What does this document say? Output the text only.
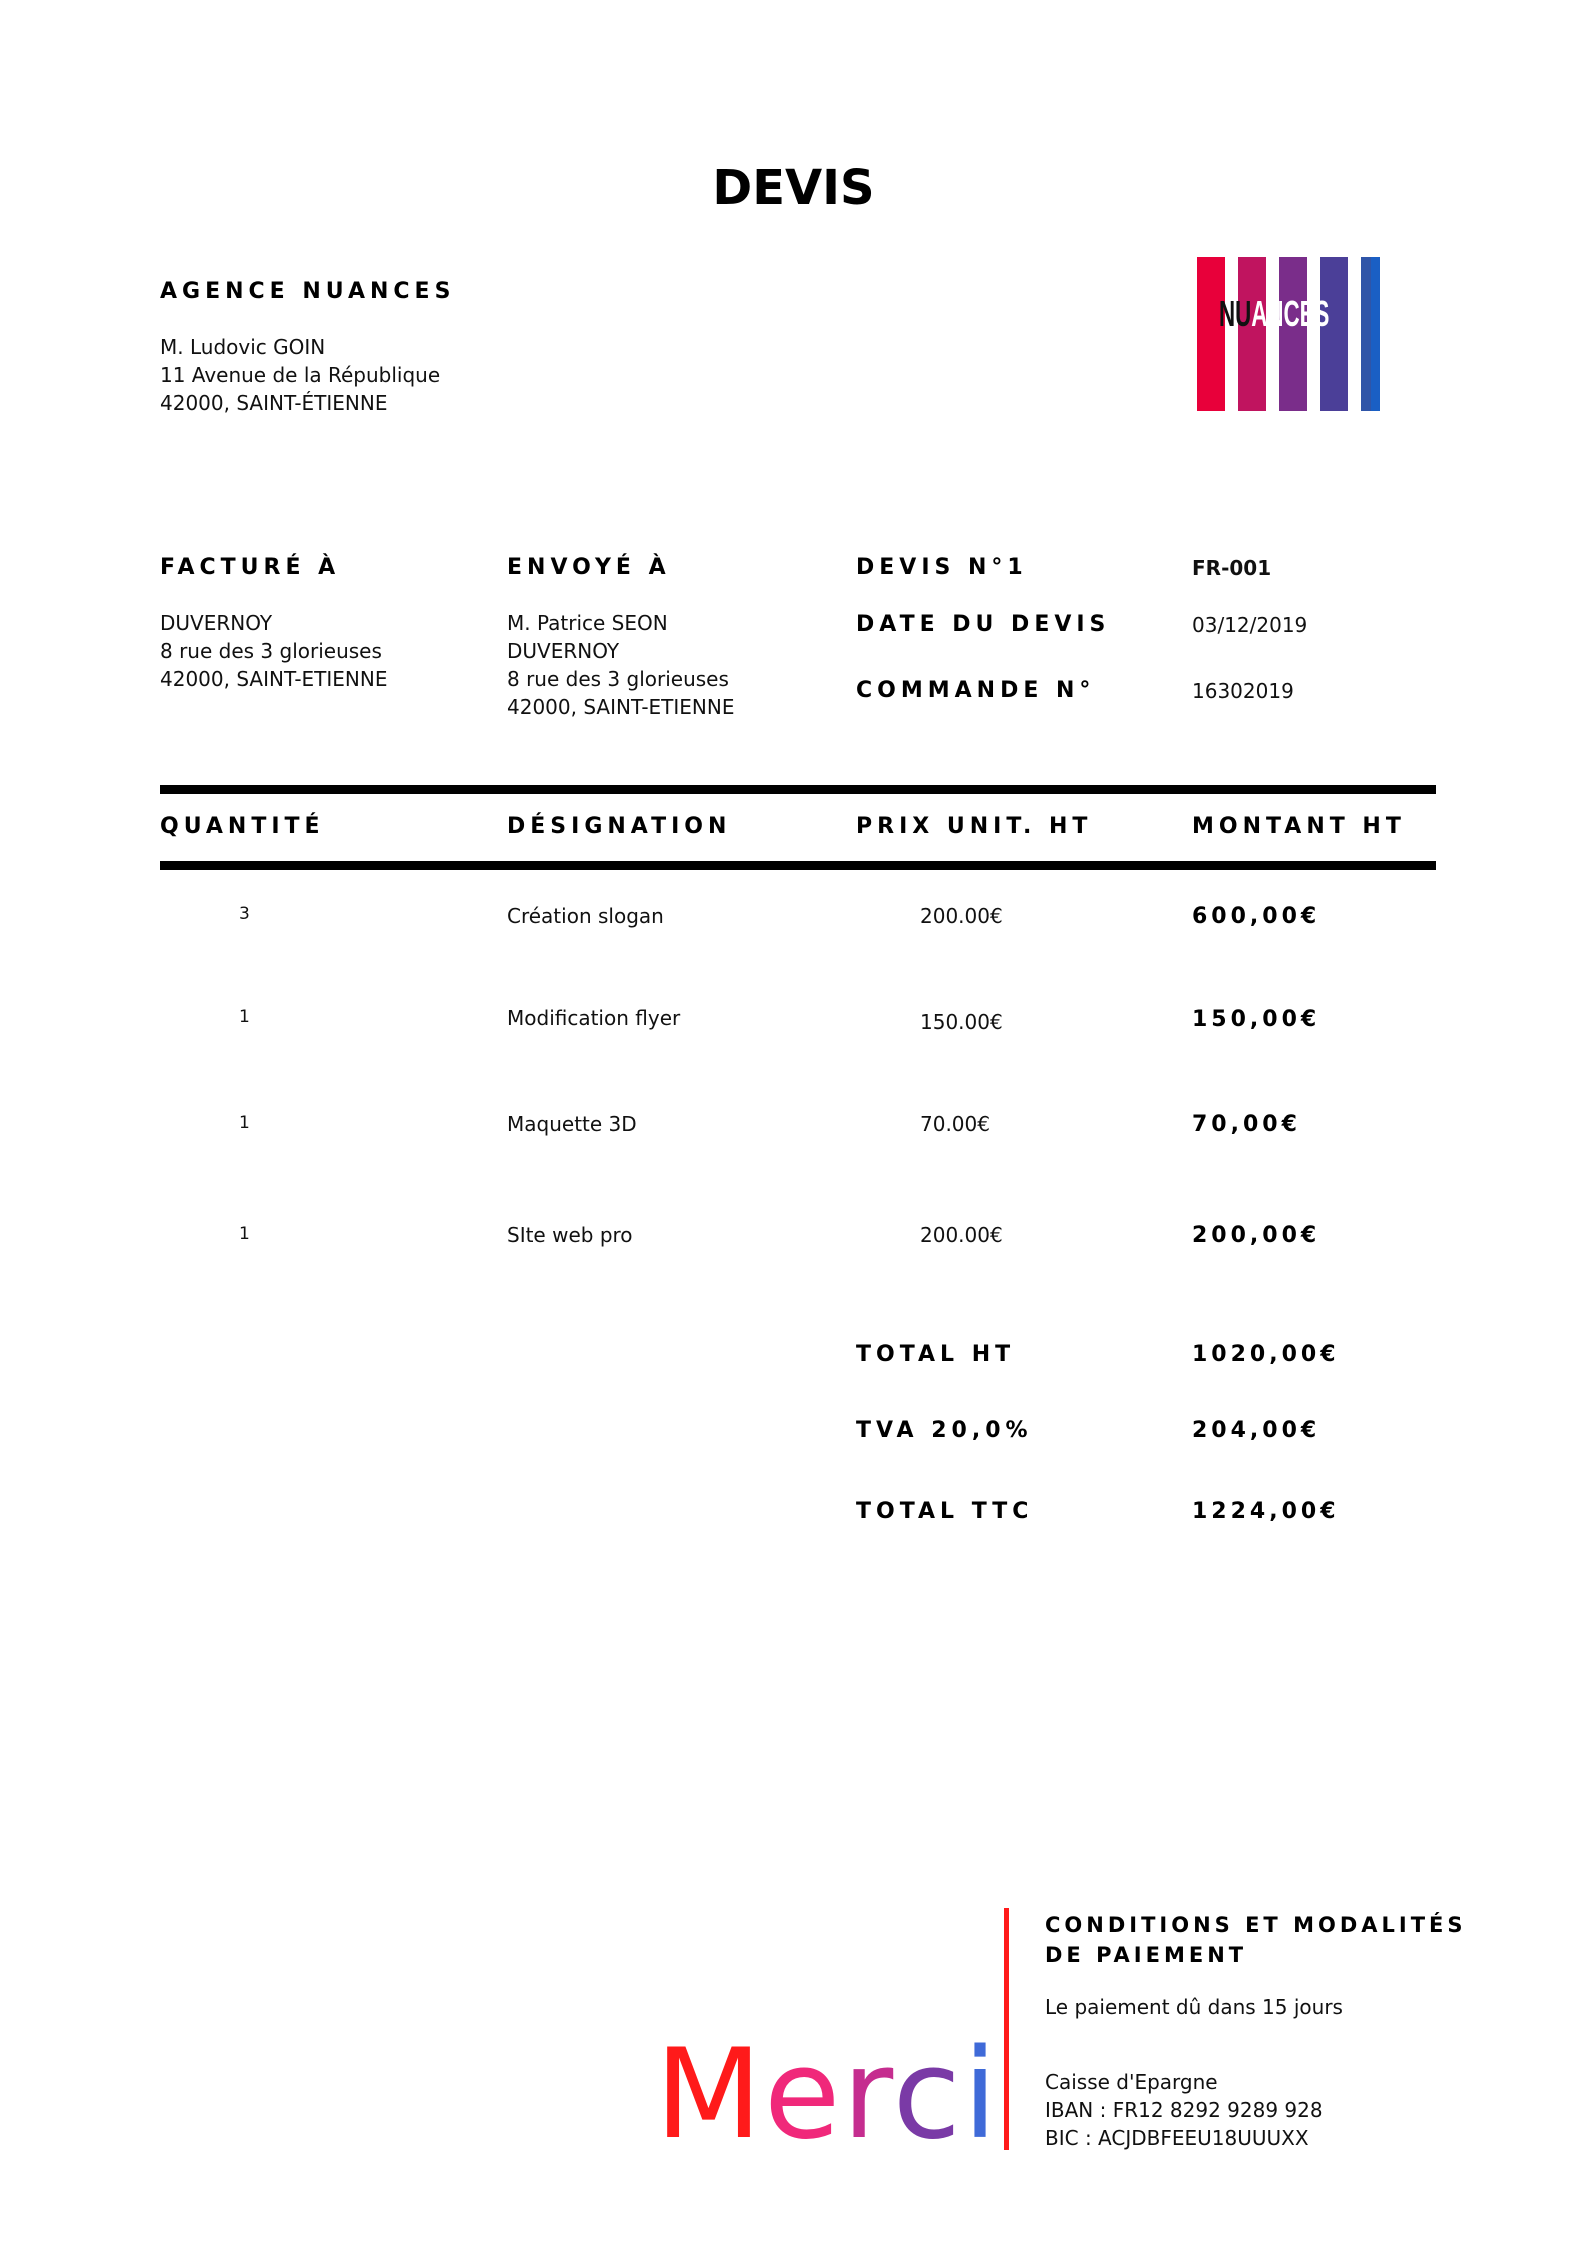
DEVIS
AGENCE NUANCES
M. Ludovic GOIN
11 Avenue de la République
42000, SAINT-ÉTIENNE
NUANCES
FACTURÉ À
DUVERNOY
8 rue des 3 glorieuses
42000, SAINT-ETIENNE
ENVOYÉ À
M. Patrice SEON
DUVERNOY
8 rue des 3 glorieuses
42000, SAINT-ETIENNE
DEVIS N°1	FR-001
DATE DU DEVIS	03/12/2019
COMMANDE N°	16302019
QUANTITÉ	DÉSIGNATION	PRIX UNIT. HT	MONTANT HT
3	Création slogan	200.00€	600,00€
1	Modification flyer	150.00€	150,00€
1	Maquette 3D	70.00€	70,00€
1	SIte web pro	200.00€	200,00€
TOTAL HT	1020,00€
TVA 20,0%	204,00€
TOTAL TTC	1224,00€
Merci
CONDITIONS ET MODALITÉS
DE PAIEMENT
Le paiement dû dans 15 jours
Caisse d'Epargne
IBAN : FR12 8292 9289 928
BIC : ACJDBFEEU18UUUXX
